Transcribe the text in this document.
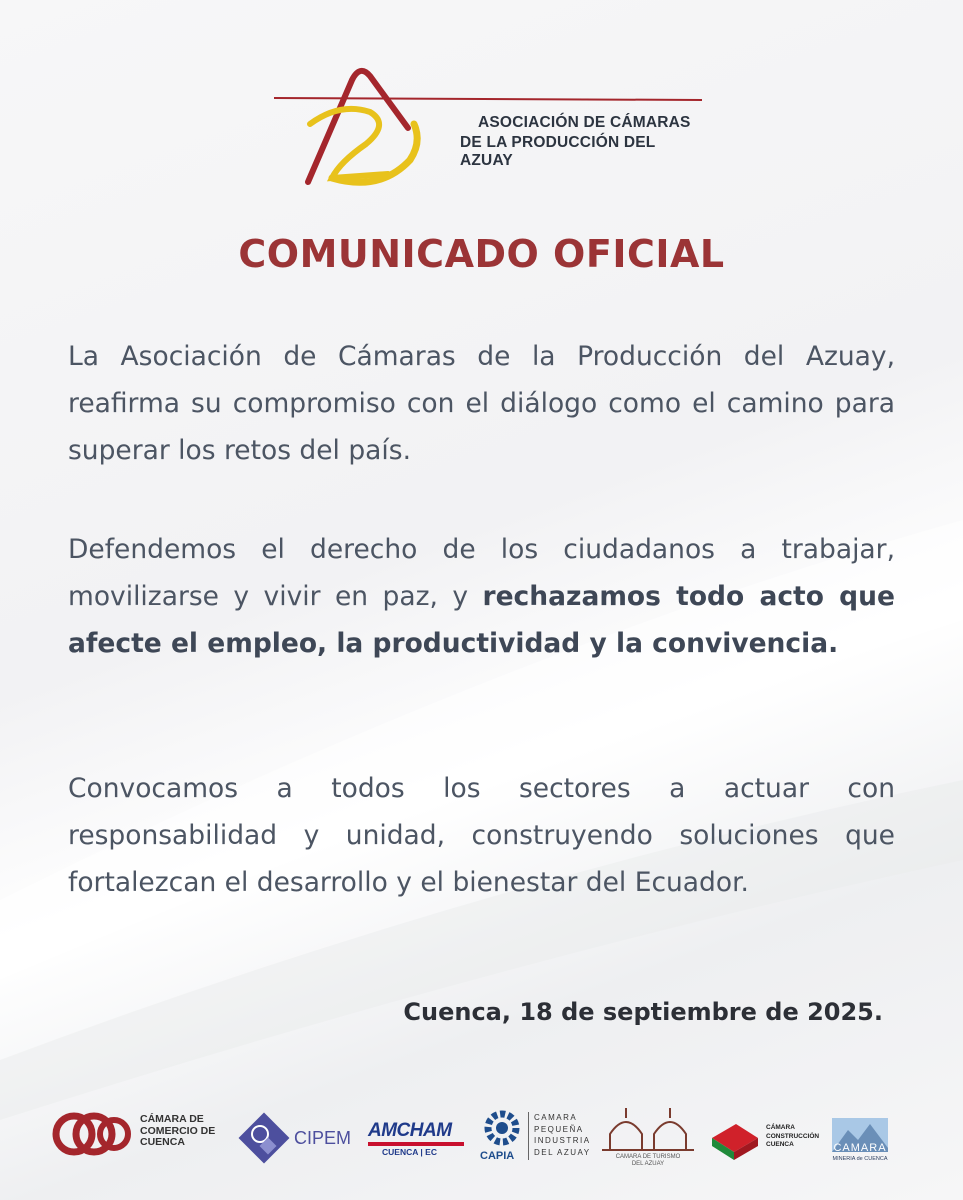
ASOCIACIÓN DE CÁMARAS
DE LA PRODUCCIÓN DEL AZUAY
COMUNICADO OFICIAL

La Asociación de Cámaras de la Producción del Azuay, reafirma su compromiso con el diálogo como el camino para superar los retos del país.

Defendemos el derecho de los ciudadanos a trabajar, movilizarse y vivir en paz, y rechazamos todo acto que afecte el empleo, la productividad y la convivencia.

Convocamos a todos los sectores a actuar con responsabilidad y unidad, construyendo soluciones que fortalezcan el desarrollo y el bienestar del Ecuador.

Cuenca, 18 de septiembre de 2025.
CÁMARA DE
COMERCIO DE
CUENCA	CIPEM AMCHAM
CUENCA | EC	CAPIA
CAMARA
PEQUEÑA
INDUSTRIA
DEL AZUAY
CAMARA DE TURISMO
DEL AZUAY
CÁMARA
CONSTRUCCIÓN
CUENCA	CAMARA
MINERIA de CUENCA
